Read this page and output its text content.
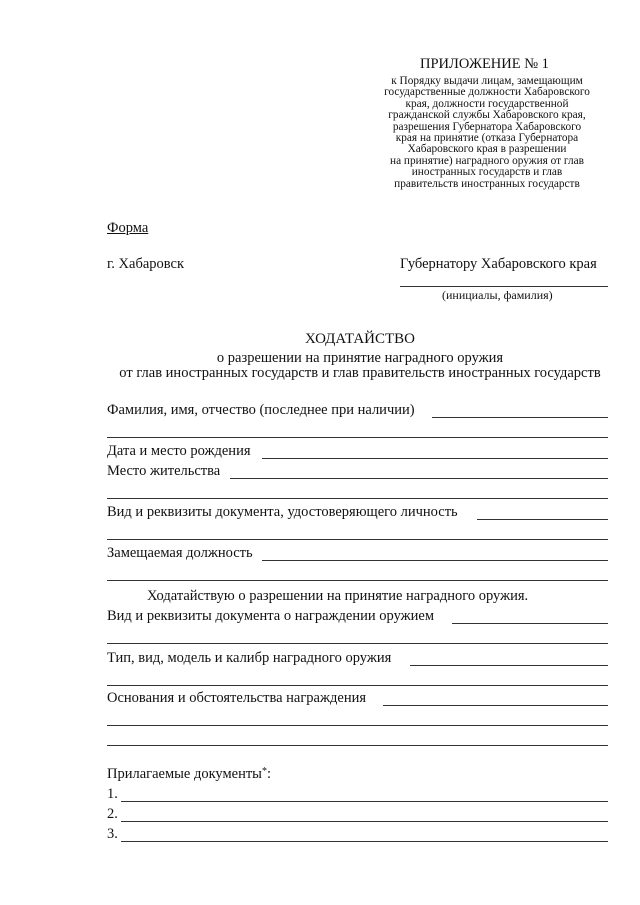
ПРИЛОЖЕНИЕ № 1
к Порядку выдачи лицам, замещающим
государственные должности Хабаровского
края, должности государственной
гражданской службы Хабаровского края,
разрешения Губернатора Хабаровского
края на принятие (отказа Губернатора
Хабаровского края в разрешении
на принятие) наградного оружия от глав
иностранных государств и глав
правительств иностранных государств
Форма
г. Хабаровск	Губернатору Хабаровского края
(инициалы, фамилия)
ХОДАТАЙСТВО
о разрешении на принятие наградного оружия
от глав иностранных государств и глав правительств иностранных государств
Фамилия, имя, отчество (последнее при наличии)
Дата и место рождения
Место жительства
Вид и реквизиты документа, удостоверяющего личность
Замещаемая должность
Ходатайствую о разрешении на принятие наградного оружия.
Вид и реквизиты документа о награждении оружием
Тип, вид, модель и калибр наградного оружия
Основания и обстоятельства награждения
Прилагаемые документы*:
1.
2.
3.
